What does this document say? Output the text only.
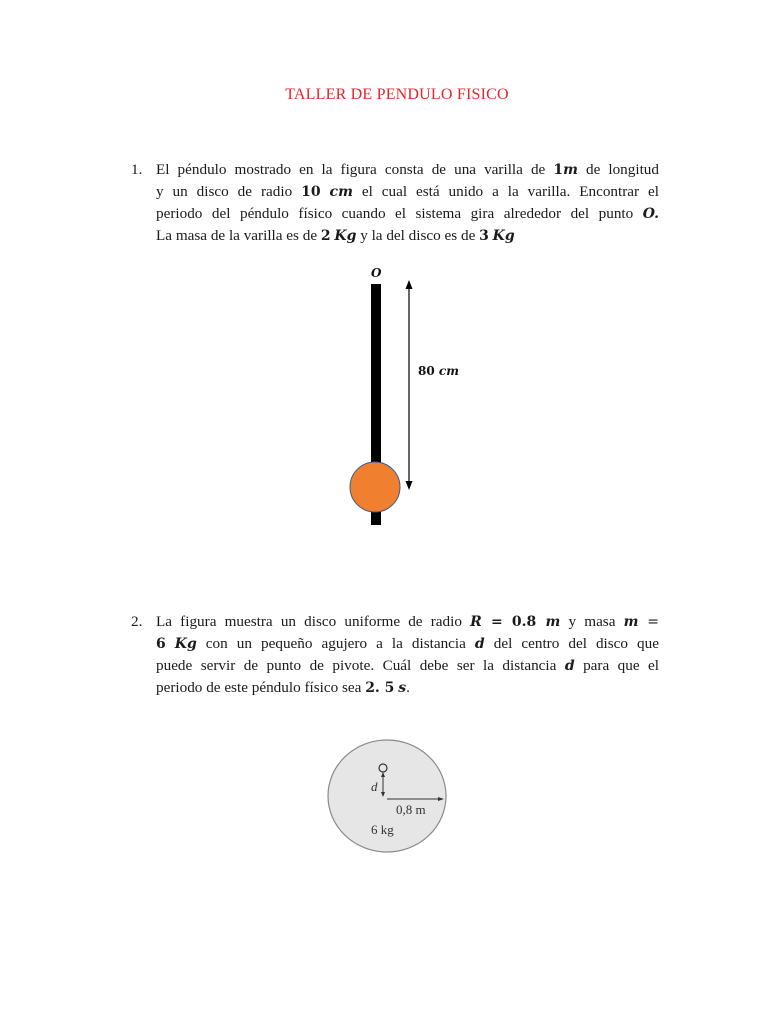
TALLER DE PENDULO FISICO
1. El péndulo mostrado en la figura consta de una varilla de 1m de longitud
y un disco de radio 10 cm el cual está unido a la varilla. Encontrar el
periodo del péndulo físico cuando el sistema gira alrededor del punto O.
La masa de la varilla es de 2 Kg y la del disco es de 3 Kg
O
80 cm
2. La figura muestra un disco uniforme de radio R = 0.8 m y masa m =
6 Kg con un pequeño agujero a la distancia d del centro del disco que
puede servir de punto de pivote. Cuál debe ser la distancia d para que el
periodo de este péndulo físico sea 2. 5 s.
d
0,8 m
6 kg
